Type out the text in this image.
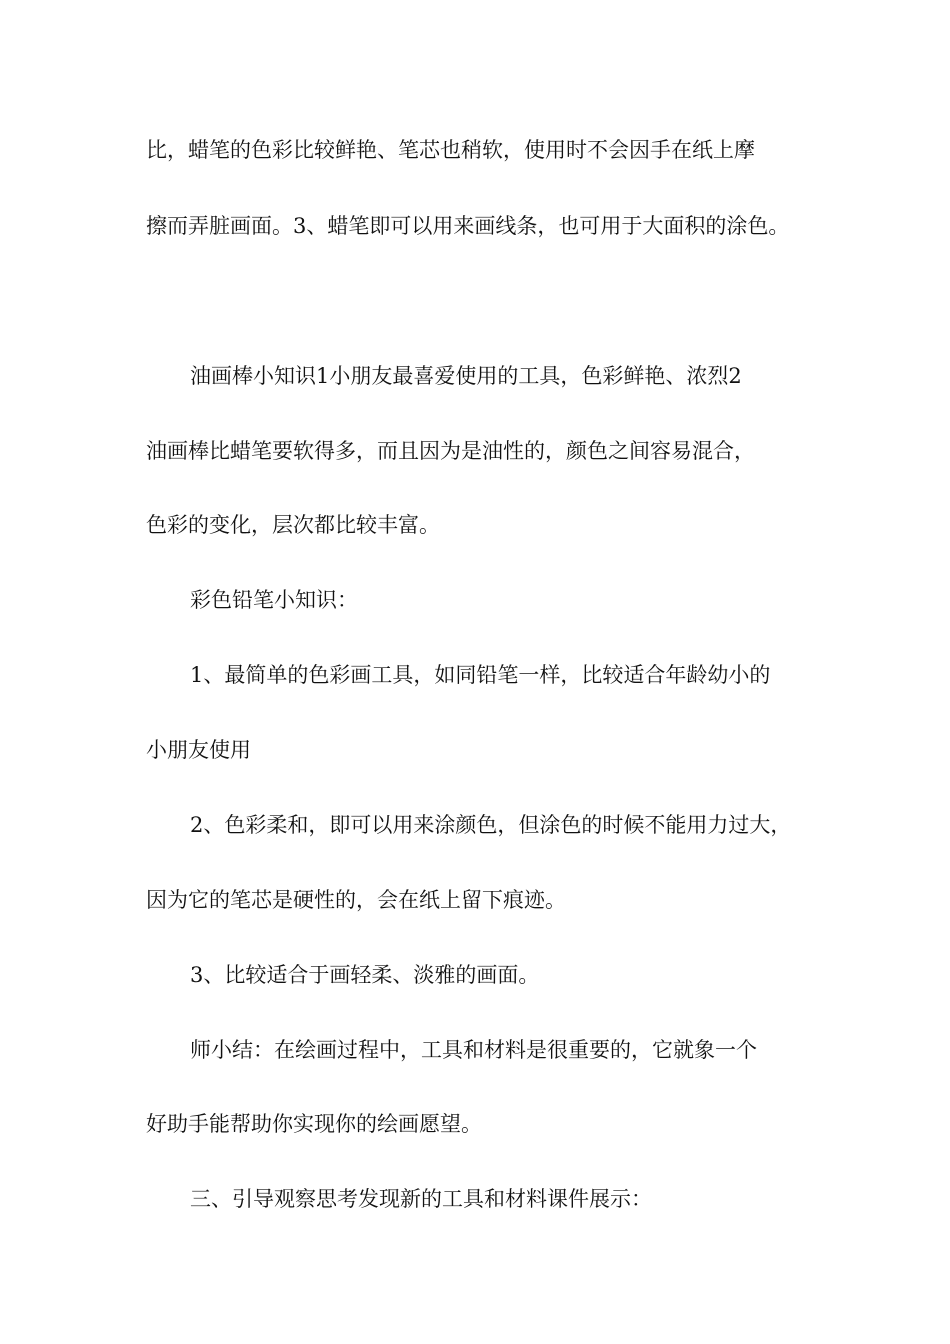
比，蜡笔的色彩比较鲜艳、笔芯也稍软，使用时不会因手在纸上摩
擦而弄脏画面。3、蜡笔即可以用来画线条，也可用于大面积的涂色。
油画棒小知识1小朋友最喜爱使用的工具，色彩鲜艳、浓烈2
油画棒比蜡笔要软得多，而且因为是油性的，颜色之间容易混合，
色彩的变化，层次都比较丰富。
彩色铅笔小知识：
1、最简单的色彩画工具，如同铅笔一样，比较适合年龄幼小的
小朋友使用
2、色彩柔和，即可以用来涂颜色，但涂色的时候不能用力过大，
因为它的笔芯是硬性的，会在纸上留下痕迹。
3、比较适合于画轻柔、淡雅的画面。
师小结：在绘画过程中，工具和材料是很重要的，它就象一个
好助手能帮助你实现你的绘画愿望。
三、引导观察思考发现新的工具和材料课件展示：
